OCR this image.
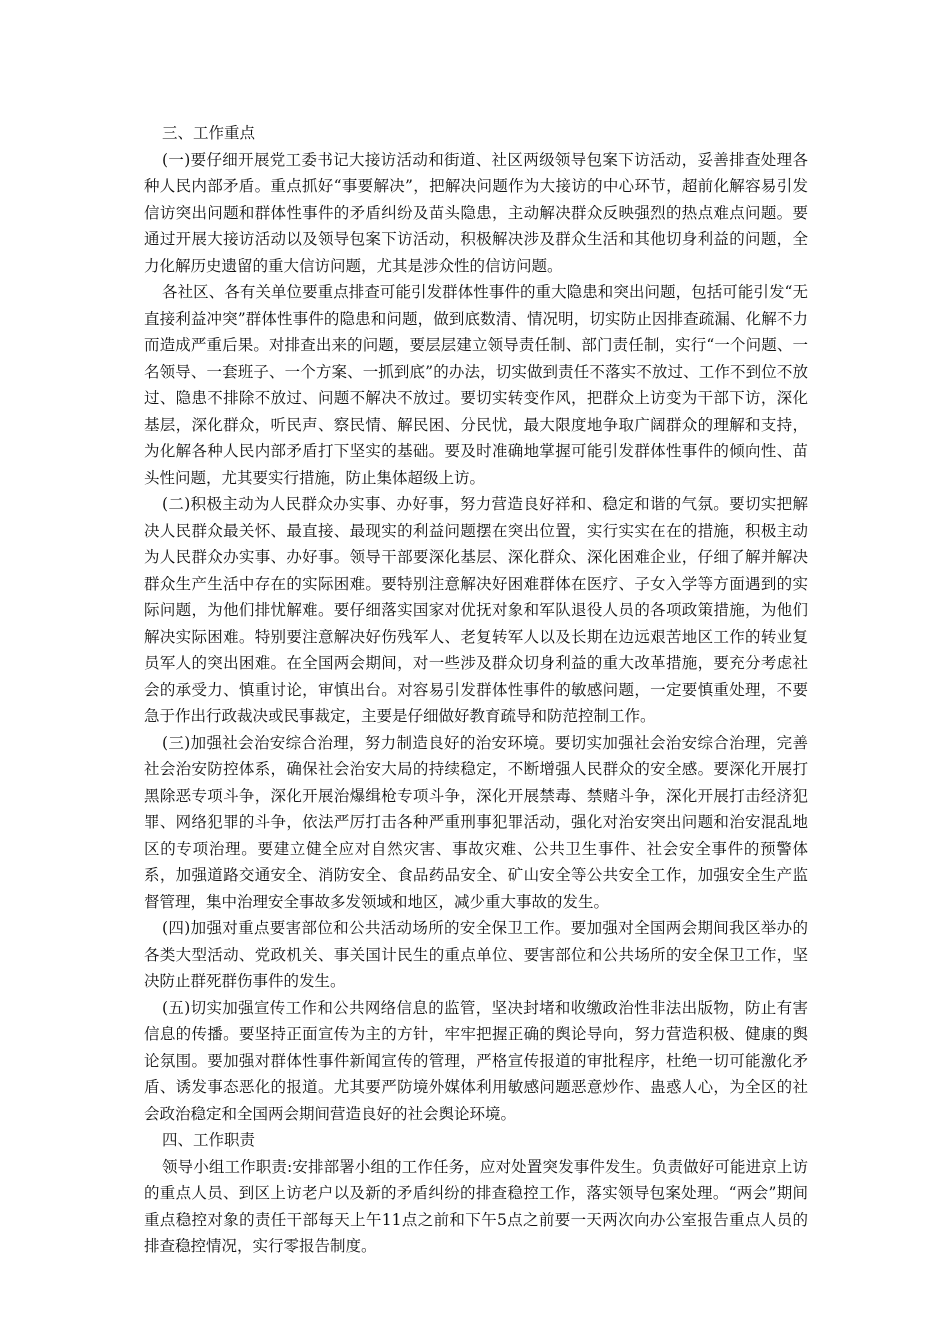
三、工作重点

(一)要仔细开展党工委书记大接访活动和街道、社区两级领导包案下访活动，妥善排查处理各种人民内部矛盾。重点抓好“事要解决”，把解决问题作为大接访的中心环节，超前化解容易引发信访突出问题和群体性事件的矛盾纠纷及苗头隐患，主动解决群众反映强烈的热点难点问题。要通过开展大接访活动以及领导包案下访活动，积极解决涉及群众生活和其他切身利益的问题，全力化解历史遗留的重大信访问题，尤其是涉众性的信访问题。

各社区、各有关单位要重点排查可能引发群体性事件的重大隐患和突出问题，包括可能引发“无直接利益冲突”群体性事件的隐患和问题，做到底数清、情况明，切实防止因排查疏漏、化解不力而造成严重后果。对排查出来的问题，要层层建立领导责任制、部门责任制，实行“一个问题、一名领导、一套班子、一个方案、一抓到底”的办法，切实做到责任不落实不放过、工作不到位不放过、隐患不排除不放过、问题不解决不放过。要切实转变作风，把群众上访变为干部下访，深化基层，深化群众，听民声、察民情、解民困、分民忧，最大限度地争取广阔群众的理解和支持，为化解各种人民内部矛盾打下坚实的基础。要及时准确地掌握可能引发群体性事件的倾向性、苗头性问题，尤其要实行措施，防止集体超级上访。

(二)积极主动为人民群众办实事、办好事，努力营造良好祥和、稳定和谐的气氛。要切实把解决人民群众最关怀、最直接、最现实的利益问题摆在突出位置，实行实实在在的措施，积极主动为人民群众办实事、办好事。领导干部要深化基层、深化群众、深化困难企业，仔细了解并解决群众生产生活中存在的实际困难。要特别注意解决好困难群体在医疗、子女入学等方面遇到的实际问题，为他们排忧解难。要仔细落实国家对优抚对象和军队退役人员的各项政策措施，为他们解决实际困难。特别要注意解决好伤残军人、老复转军人以及长期在边远艰苦地区工作的转业复员军人的突出困难。在全国两会期间，对一些涉及群众切身利益的重大改革措施，要充分考虑社会的承受力、慎重讨论，审慎出台。对容易引发群体性事件的敏感问题，一定要慎重处理，不要急于作出行政裁决或民事裁定，主要是仔细做好教育疏导和防范控制工作。

(三)加强社会治安综合治理，努力制造良好的治安环境。要切实加强社会治安综合治理，完善社会治安防控体系，确保社会治安大局的持续稳定，不断增强人民群众的安全感。要深化开展打黑除恶专项斗争，深化开展治爆缉枪专项斗争，深化开展禁毒、禁赌斗争，深化开展打击经济犯罪、网络犯罪的斗争，依法严厉打击各种严重刑事犯罪活动，强化对治安突出问题和治安混乱地区的专项治理。要建立健全应对自然灾害、事故灾难、公共卫生事件、社会安全事件的预警体系，加强道路交通安全、消防安全、食品药品安全、矿山安全等公共安全工作，加强安全生产监督管理，集中治理安全事故多发领域和地区，减少重大事故的发生。

(四)加强对重点要害部位和公共活动场所的安全保卫工作。要加强对全国两会期间我区举办的各类大型活动、党政机关、事关国计民生的重点单位、要害部位和公共场所的安全保卫工作，坚决防止群死群伤事件的发生。

(五)切实加强宣传工作和公共网络信息的监管，坚决封堵和收缴政治性非法出版物，防止有害信息的传播。要坚持正面宣传为主的方针，牢牢把握正确的舆论导向，努力营造积极、健康的舆论氛围。要加强对群体性事件新闻宣传的管理，严格宣传报道的审批程序，杜绝一切可能激化矛盾、诱发事态恶化的报道。尤其要严防境外媒体利用敏感问题恶意炒作、蛊惑人心，为全区的社会政治稳定和全国两会期间营造良好的社会舆论环境。

四、工作职责

领导小组工作职责:安排部署小组的工作任务，应对处置突发事件发生。负责做好可能进京上访的重点人员、到区上访老户以及新的矛盾纠纷的排查稳控工作，落实领导包案处理。“两会”期间重点稳控对象的责任干部每天上午11点之前和下午5点之前要一天两次向办公室报告重点人员的排查稳控情况，实行零报告制度。
